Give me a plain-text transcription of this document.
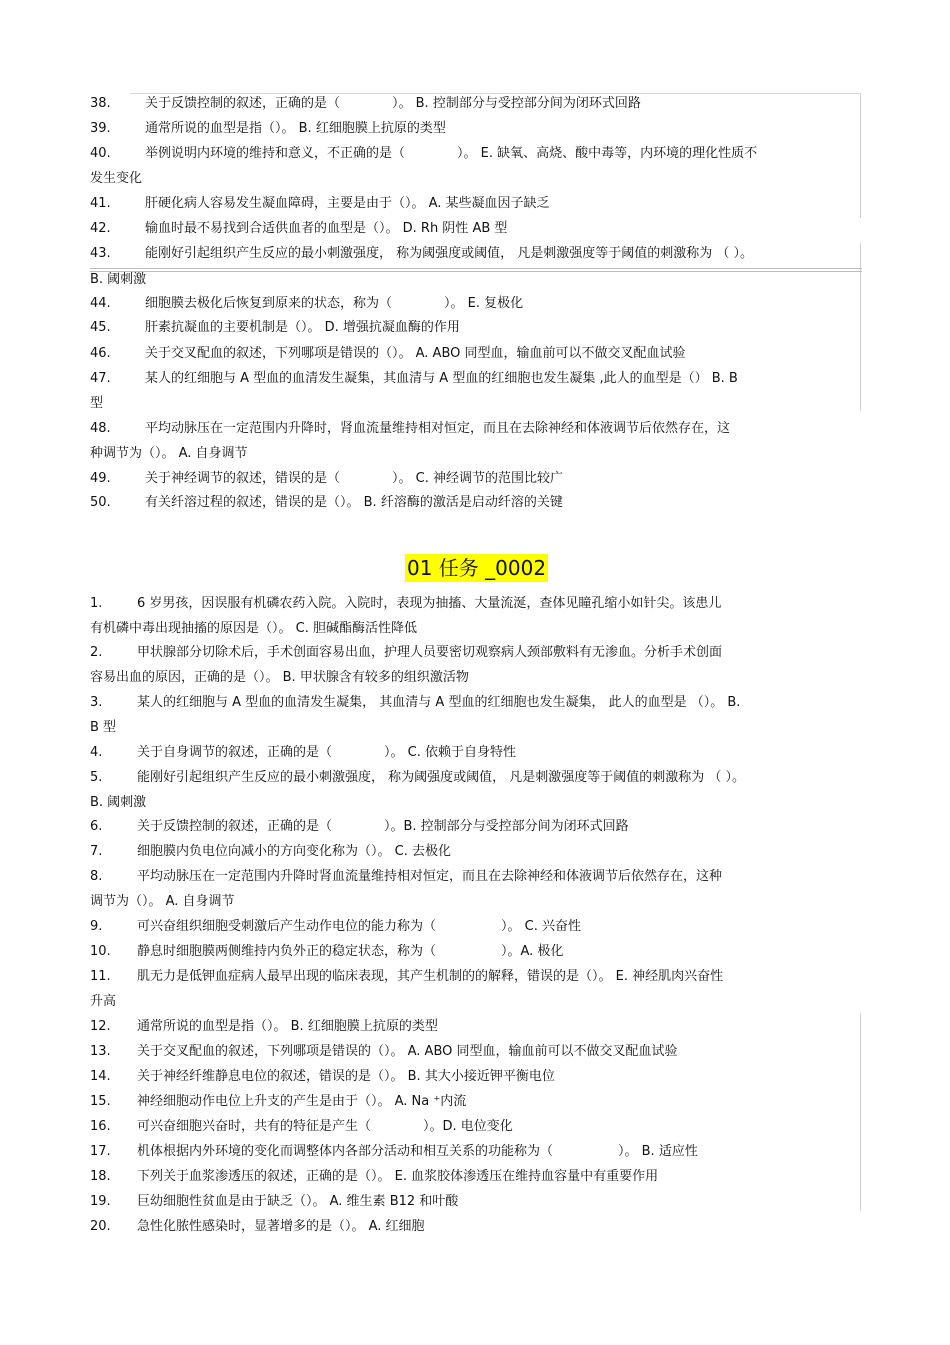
38.	关于反馈控制的叙述，正确的是（　　　　）。 B. 控制部分与受控部分间为闭环式回路
39.	通常所说的血型是指（）。 B. 红细胞膜上抗原的类型
40.	举例说明内环境的维持和意义，不正确的是（　　　　）。 E. 缺氧、高烧、酸中毒等，内环境的理化性质不
发生变化
41.	肝硬化病人容易发生凝血障碍，主要是由于（）。 A. 某些凝血因子缺乏
42.	输血时最不易找到合适供血者的血型是（）。 D. Rh 阴性 AB 型
43.	能刚好引起组织产生反应的最小刺激强度， 称为阈强度或阈值， 凡是刺激强度等于阈值的刺激称为 （ ）。
B. 阈刺激
44.	细胞膜去极化后恢复到原来的状态，称为（　　　　）。 E. 复极化
45.	肝素抗凝血的主要机制是（）。 D. 增强抗凝血酶的作用
46.	关于交叉配血的叙述，下列哪项是错误的（）。 A. ABO 同型血，输血前可以不做交叉配血试验
47.	某人的红细胞与 A 型血的血清发生凝集，其血清与 A 型血的红细胞也发生凝集 ,此人的血型是（） B. B
型
48.	平均动脉压在一定范围内升降时，肾血流量维持相对恒定，而且在去除神经和体液调节后依然存在，这
种调节为（）。 A. 自身调节
49.	关于神经调节的叙述，错误的是（　　　　）。 C. 神经调节的范围比较广
50.	有关纤溶过程的叙述，错误的是（）。 B. 纤溶酶的激活是启动纤溶的关键
01 任务 _0002
1.	6 岁男孩，因误服有机磷农药入院。入院时，表现为抽搐、大量流涎，查体见瞳孔缩小如针尖。该患儿
有机磷中毒出现抽搐的原因是（）。 C. 胆碱酯酶活性降低
2.	甲状腺部分切除术后，手术创面容易出血，护理人员要密切观察病人颈部敷料有无渗血。分析手术创面
容易出血的原因，正确的是（）。 B. 甲状腺含有较多的组织激活物
3.	某人的红细胞与 A 型血的血清发生凝集， 其血清与 A 型血的红细胞也发生凝集， 此人的血型是 （）。 B.
B 型
4.	关于自身调节的叙述，正确的是（　　　　）。 C. 依赖于自身特性
5.	能刚好引起组织产生反应的最小刺激强度， 称为阈强度或阈值， 凡是刺激强度等于阈值的刺激称为 （ ）。
B. 阈刺激
6.	关于反馈控制的叙述，正确的是（　　　　）。B. 控制部分与受控部分间为闭环式回路
7.	细胞膜内负电位向减小的方向变化称为（）。 C. 去极化
8.	平均动脉压在一定范围内升降时肾血流量维持相对恒定，而且在去除神经和体液调节后依然存在，这种
调节为（）。 A. 自身调节
9.	可兴奋组织细胞受刺激后产生动作电位的能力称为（　　　　　）。 C. 兴奋性
10. 静息时细胞膜两侧维持内负外正的稳定状态，称为（　　　　　）。A. 极化
11. 肌无力是低钾血症病人最早出现的临床表现，其产生机制的的解释，错误的是（）。 E. 神经肌肉兴奋性
升高
12. 通常所说的血型是指（）。 B. 红细胞膜上抗原的类型
13. 关于交叉配血的叙述，下列哪项是错误的（）。 A. ABO 同型血，输血前可以不做交叉配血试验
14. 关于神经纤维静息电位的叙述，错误的是（）。 B. 其大小接近钾平衡电位
15. 神经细胞动作电位上升支的产生是由于（）。 A. Na ⁺内流
16. 可兴奋细胞兴奋时，共有的特征是产生（　　　　）。D. 电位变化
17. 机体根据内外环境的变化而调整体内各部分活动和相互关系的功能称为（　　　　　）。 B. 适应性
18. 下列关于血浆渗透压的叙述，正确的是（）。 E. 血浆胶体渗透压在维持血容量中有重要作用
19. 巨幼细胞性贫血是由于缺乏（）。 A. 维生素 B12 和叶酸
20. 急性化脓性感染时，显著增多的是（）。 A. 红细胞
